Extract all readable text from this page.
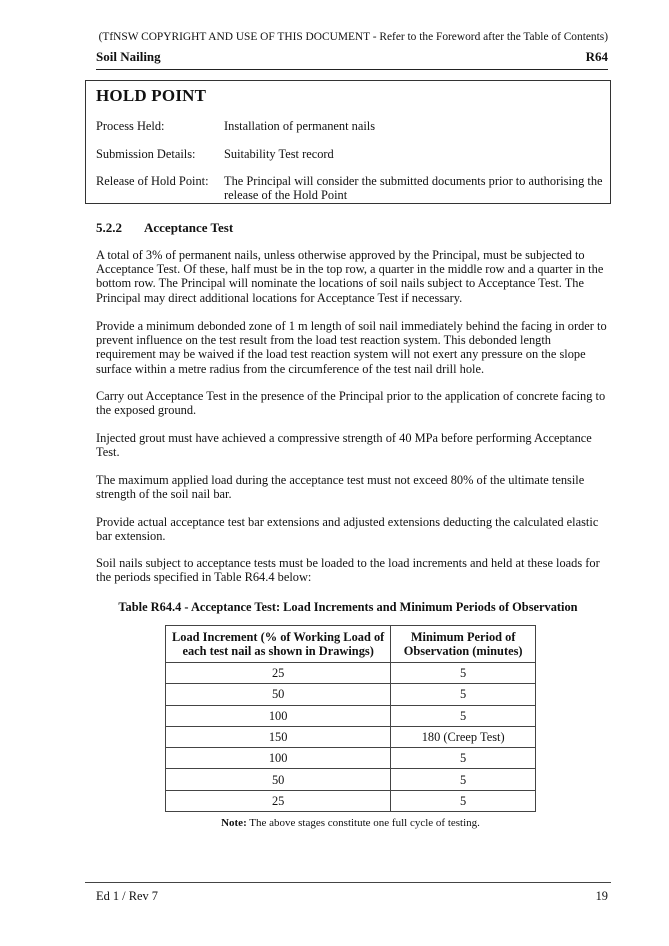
(TfNSW COPYRIGHT AND USE OF THIS DOCUMENT - Refer to the Foreword after the Table of Contents)
Soil Nailing	R64
HOLD POINT
Process Held:	Installation of permanent nails
Submission Details:	Suitability Test record
Release of Hold Point:	The Principal will consider the submitted documents prior to authorising the release of the Hold Point
5.2.2 Acceptance Test
A total of 3% of permanent nails, unless otherwise approved by the Principal, must be subjected to Acceptance Test. Of these, half must be in the top row, a quarter in the middle row and a quarter in the bottom row. The Principal will nominate the locations of soil nails subject to Acceptance Test. The Principal may direct additional locations for Acceptance Test if necessary.
Provide a minimum debonded zone of 1 m length of soil nail immediately behind the facing in order to prevent influence on the test result from the load test reaction system. This debonded length requirement may be waived if the load test reaction system will not exert any pressure on the slope surface within a metre radius from the circumference of the test nail drill hole.
Carry out Acceptance Test in the presence of the Principal prior to the application of concrete facing to the exposed ground.
Injected grout must have achieved a compressive strength of 40 MPa before performing Acceptance Test.
The maximum applied load during the acceptance test must not exceed 80% of the ultimate tensile strength of the soil nail bar.
Provide actual acceptance test bar extensions and adjusted extensions deducting the calculated elastic bar extension.
Soil nails subject to acceptance tests must be loaded to the load increments and held at these loads for the periods specified in Table R64.4 below:
Table R64.4 - Acceptance Test: Load Increments and Minimum Periods of Observation
Load Increment (% of Working Load of each test nail as shown in Drawings)	Minimum Period of Observation (minutes)
25	5
50	5
100	5
150	180 (Creep Test)
100	5
50	5
25	5
Note: The above stages constitute one full cycle of testing.
Ed 1 / Rev 7	19
